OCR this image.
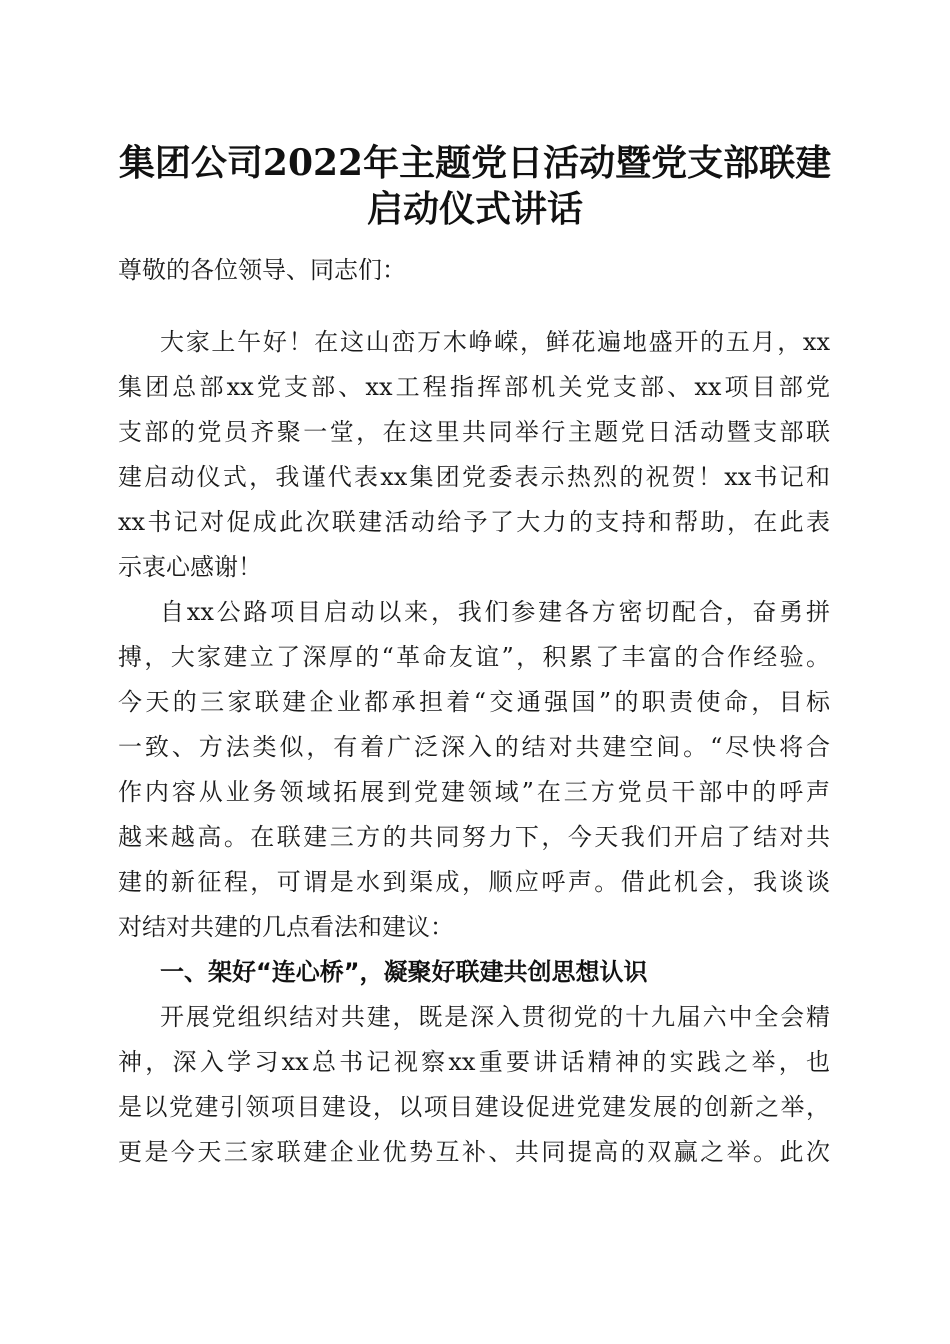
集团公司2022年主题党日活动暨党支部联建
启动仪式讲话
尊敬的各位领导、同志们：
大家上午好！在这山峦万木峥嵘，鲜花遍地盛开的五月，xx
集团总部xx党支部、xx工程指挥部机关党支部、xx项目部党
支部的党员齐聚一堂，在这里共同举行主题党日活动暨支部联
建启动仪式，我谨代表xx集团党委表示热烈的祝贺！xx书记和
xx书记对促成此次联建活动给予了大力的支持和帮助，在此表
示衷心感谢！
自xx公路项目启动以来，我们参建各方密切配合，奋勇拼
搏，大家建立了深厚的“革命友谊”，积累了丰富的合作经验。
今天的三家联建企业都承担着“交通强国”的职责使命，目标
一致、方法类似，有着广泛深入的结对共建空间。“尽快将合
作内容从业务领域拓展到党建领域”在三方党员干部中的呼声
越来越高。在联建三方的共同努力下，今天我们开启了结对共
建的新征程，可谓是水到渠成，顺应呼声。借此机会，我谈谈
对结对共建的几点看法和建议：
一、架好“连心桥”，凝聚好联建共创思想认识
开展党组织结对共建，既是深入贯彻党的十九届六中全会精
神，深入学习xx总书记视察xx重要讲话精神的实践之举，也
是以党建引领项目建设，以项目建设促进党建发展的创新之举，
更是今天三家联建企业优势互补、共同提高的双赢之举。此次
